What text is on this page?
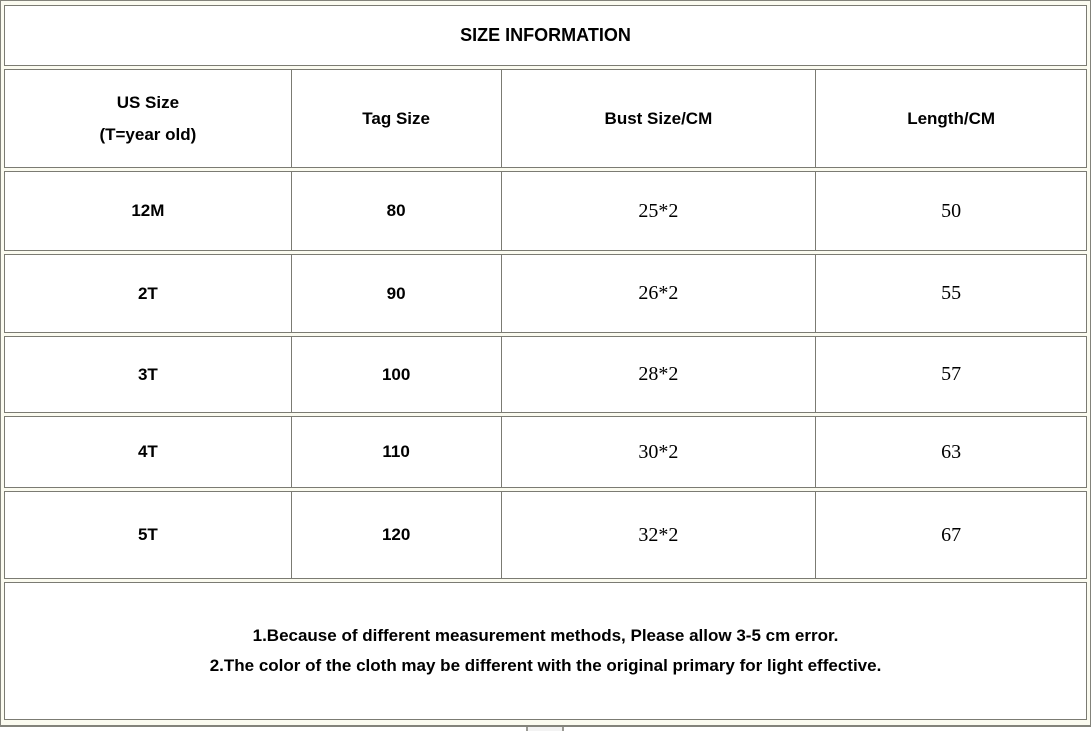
SIZE INFORMATION
US Size
(T=year old)
Tag Size	Bust Size/CM	Length/CM
12M	80	25*2	50
2T	90	26*2	55
3T	100	28*2	57
4T	110	30*2	63
5T	120	32*2	67
1.Because of different measurement methods, Please allow 3-5 cm error.
2.The color of the cloth may be different with the original primary for light effective.
